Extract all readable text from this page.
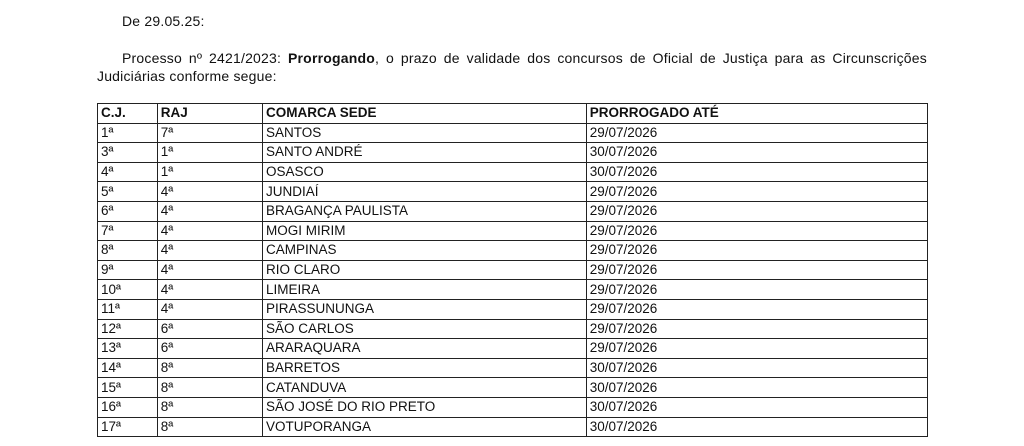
De 29.05.25:
Processo nº 2421/2023: Prorrogando, o prazo de validade dos concursos de Oficial de Justiça para as Circunscrições
Judiciárias conforme segue:
C.J.	RAJ	COMARCA SEDE	PRORROGADO ATÉ
1ª	7ª	SANTOS	29/07/2026
3ª	1ª	SANTO ANDRÉ	30/07/2026
4ª	1ª	OSASCO	30/07/2026
5ª	4ª	JUNDIAÍ	29/07/2026
6ª	4ª	BRAGANÇA PAULISTA	29/07/2026
7ª	4ª	MOGI MIRIM	29/07/2026
8ª	4ª	CAMPINAS	29/07/2026
9ª	4ª	RIO CLARO	29/07/2026
10ª	4ª	LIMEIRA	29/07/2026
11ª	4ª	PIRASSUNUNGA	29/07/2026
12ª	6ª	SÃO CARLOS	29/07/2026
13ª	6ª	ARARAQUARA	29/07/2026
14ª	8ª	BARRETOS	30/07/2026
15ª	8ª	CATANDUVA	30/07/2026
16ª	8ª	SÃO JOSÉ DO RIO PRETO	30/07/2026
17ª	8ª	VOTUPORANGA	30/07/2026
